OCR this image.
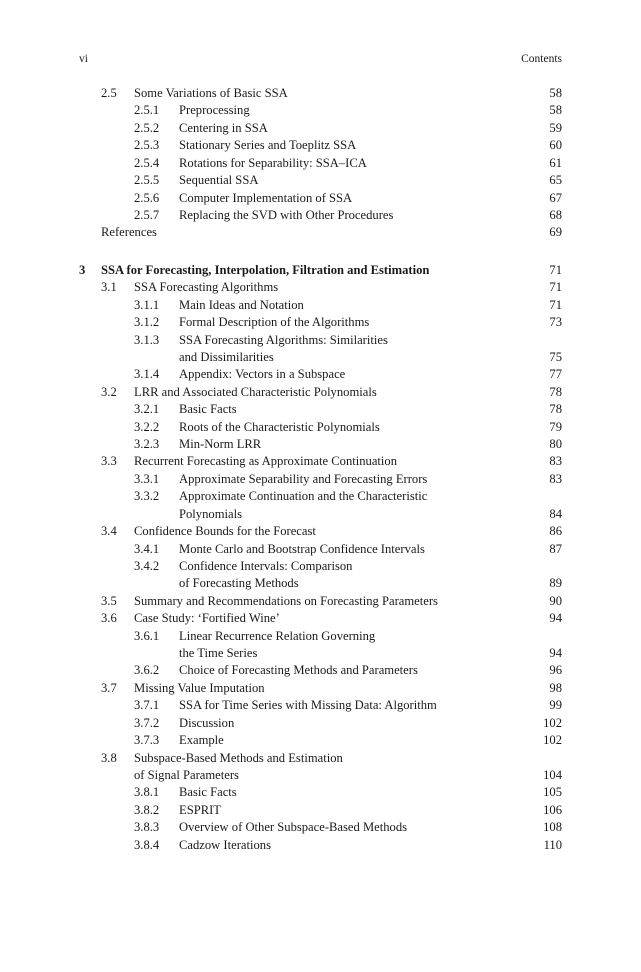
vi	Contents
2.5 Some Variations of Basic SSA . . .	58
2.5.1 Preprocessing . . .	58
2.5.2 Centering in SSA . . .	59
2.5.3 Stationary Series and Toeplitz SSA . . .	60
2.5.4 Rotations for Separability: SSA–ICA . . .	61
2.5.5 Sequential SSA . . .	65
2.5.6 Computer Implementation of SSA . . .	67
2.5.7 Replacing the SVD with Other Procedures . . .	68
References . . .	69
3 SSA for Forecasting, Interpolation, Filtration and Estimation . . .	71
3.1 SSA Forecasting Algorithms . . .	71
3.1.1 Main Ideas and Notation . . .	71
3.1.2 Formal Description of the Algorithms . . .	73
3.1.3 SSA Forecasting Algorithms: Similarities
and Dissimilarities . . .	75
3.1.4 Appendix: Vectors in a Subspace . . .	77
3.2 LRR and Associated Characteristic Polynomials . . .	78
3.2.1 Basic Facts . . .	78
3.2.2 Roots of the Characteristic Polynomials . . .	79
3.2.3 Min-Norm LRR . . .	80
3.3 Recurrent Forecasting as Approximate Continuation . . .	83
3.3.1 Approximate Separability and Forecasting Errors . . .	83
3.3.2 Approximate Continuation and the Characteristic
Polynomials . . .	84
3.4 Confidence Bounds for the Forecast . . .	86
3.4.1 Monte Carlo and Bootstrap Confidence Intervals . . .	87
3.4.2 Confidence Intervals: Comparison
of Forecasting Methods . . .	89
3.5 Summary and Recommendations on Forecasting Parameters . . .	90
3.6 Case Study: ‘Fortified Wine’ . . .	94
3.6.1 Linear Recurrence Relation Governing
the Time Series . . .	94
3.6.2 Choice of Forecasting Methods and Parameters . . .	96
3.7 Missing Value Imputation . . .	98
3.7.1 SSA for Time Series with Missing Data: Algorithm . . .	99
3.7.2 Discussion . . .	102
3.7.3 Example . . .	102
3.8 Subspace-Based Methods and Estimation
of Signal Parameters . . .	104
3.8.1 Basic Facts . . .	105
3.8.2 ESPRIT . . .	106
3.8.3 Overview of Other Subspace-Based Methods . . .	108
3.8.4 Cadzow Iterations . . .	110
